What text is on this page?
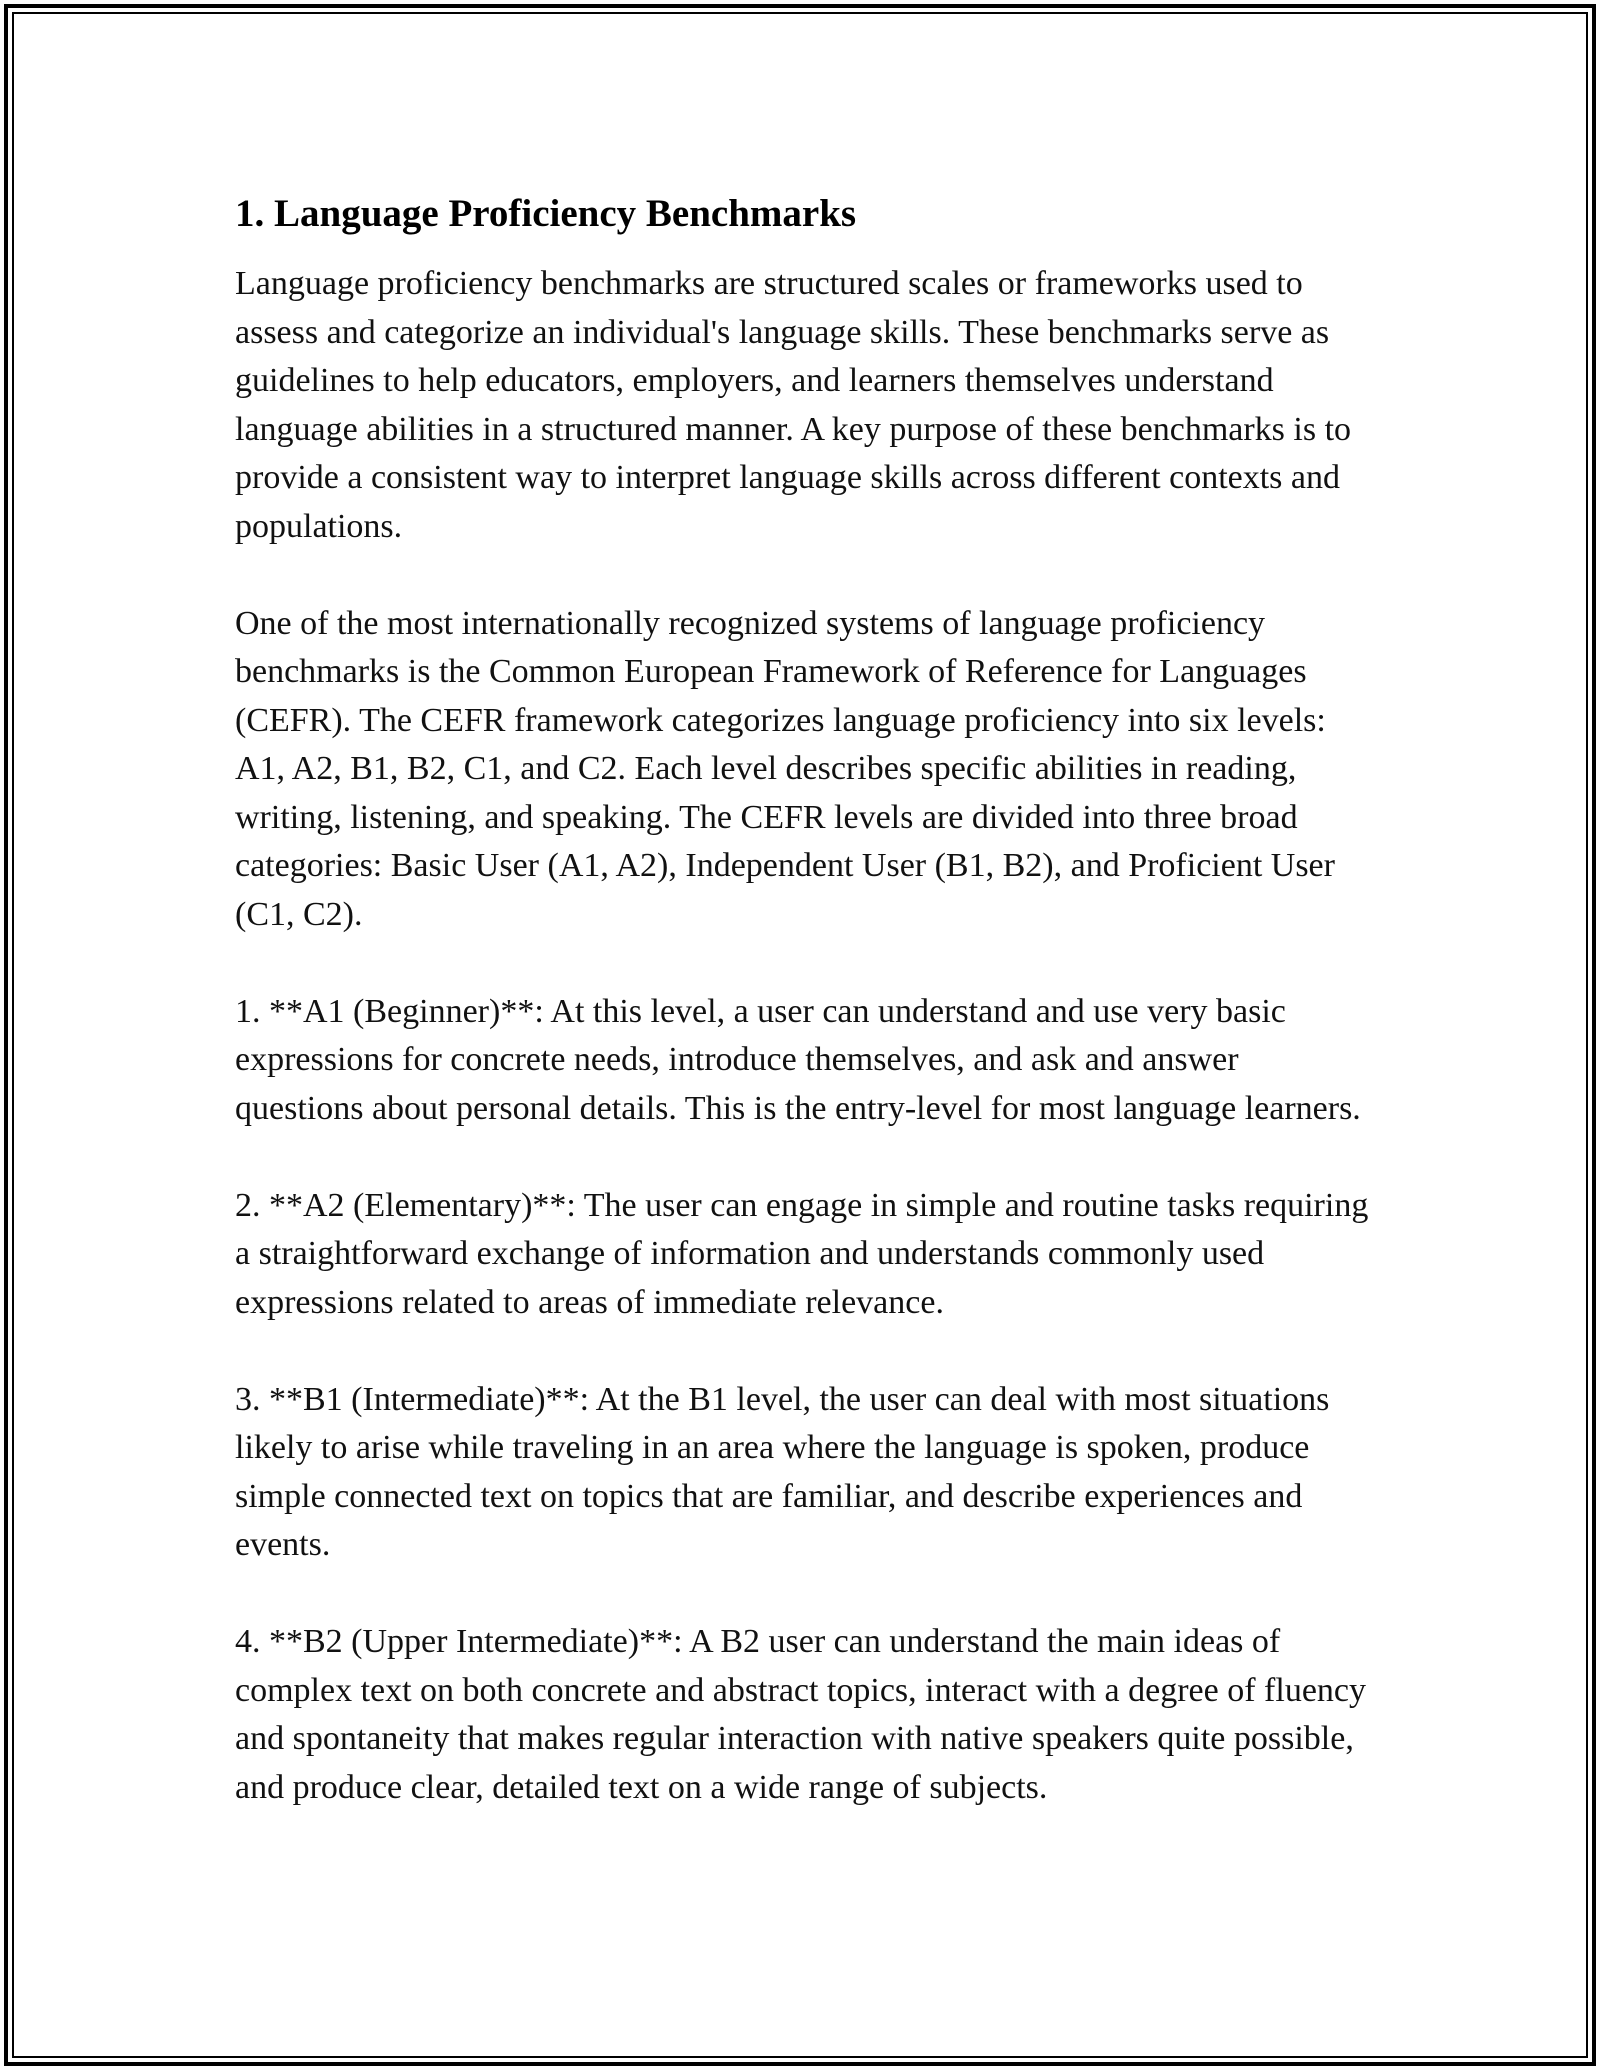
1. Language Proficiency Benchmarks

Language proficiency benchmarks are structured scales or frameworks used to assess and categorize an individual's language skills. These benchmarks serve as guidelines to help educators, employers, and learners themselves understand language abilities in a structured manner. A key purpose of these benchmarks is to provide a consistent way to interpret language skills across different contexts and populations.

One of the most internationally recognized systems of language proficiency benchmarks is the Common European Framework of Reference for Languages (CEFR). The CEFR framework categorizes language proficiency into six levels: A1, A2, B1, B2, C1, and C2. Each level describes specific abilities in reading, writing, listening, and speaking. The CEFR levels are divided into three broad categories: Basic User (A1, A2), Independent User (B1, B2), and Proficient User (C1, C2).

1. **A1 (Beginner)**: At this level, a user can understand and use very basic expressions for concrete needs, introduce themselves, and ask and answer questions about personal details. This is the entry-level for most language learners.

2. **A2 (Elementary)**: The user can engage in simple and routine tasks requiring a straightforward exchange of information and understands commonly used expressions related to areas of immediate relevance.

3. **B1 (Intermediate)**: At the B1 level, the user can deal with most situations likely to arise while traveling in an area where the language is spoken, produce simple connected text on topics that are familiar, and describe experiences and events.

4. **B2 (Upper Intermediate)**: A B2 user can understand the main ideas of complex text on both concrete and abstract topics, interact with a degree of fluency and spontaneity that makes regular interaction with native speakers quite possible, and produce clear, detailed text on a wide range of subjects.
